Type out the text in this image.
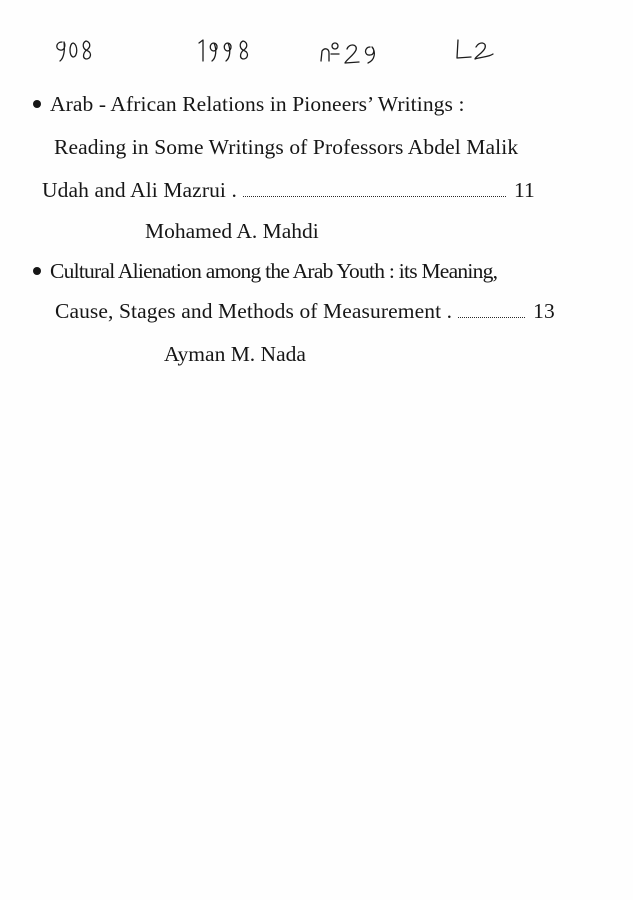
Arab - African Relations in Pioneers’ Writings :
Reading in Some Writings of Professors Abdel Malik
Udah and Ali Mazrui .	11
Mohamed A. Mahdi
Cultural Alienation among the Arab Youth : its Meaning,
Cause, Stages and Methods of Measurement .	13
Ayman M. Nada
